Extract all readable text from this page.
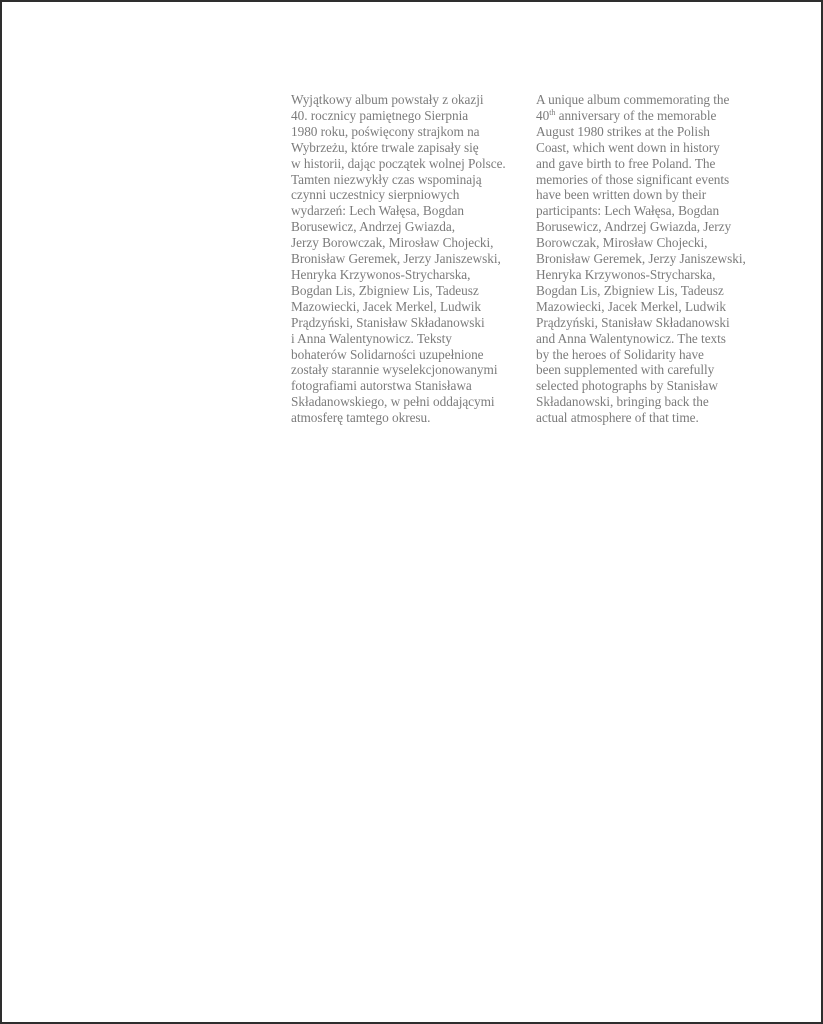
Wyjątkowy album powstały z okazji
40. rocznicy pamiętnego Sierpnia
1980 roku, poświęcony strajkom na
Wybrzeżu, które trwale zapisały się
w historii, dając początek wolnej Polsce.
Tamten niezwykły czas wspominają
czynni uczestnicy sierpniowych
wydarzeń: Lech Wałęsa, Bogdan
Borusewicz, Andrzej Gwiazda,
Jerzy Borowczak, Mirosław Chojecki,
Bronisław Geremek, Jerzy Janiszewski,
Henryka Krzywonos-Strycharska,
Bogdan Lis, Zbigniew Lis, Tadeusz
Mazowiecki, Jacek Merkel, Ludwik
Prądzyński, Stanisław Składanowski
i Anna Walentynowicz. Teksty
bohaterów Solidarności uzupełnione
zostały starannie wyselekcjonowanymi
fotografiami autorstwa Stanisława
Składanowskiego, w pełni oddającymi
atmosferę tamtego okresu.
A unique album commemorating the
40th anniversary of the memorable
August 1980 strikes at the Polish
Coast, which went down in history
and gave birth to free Poland. The
memories of those significant events
have been written down by their
participants: Lech Wałęsa, Bogdan
Borusewicz, Andrzej Gwiazda, Jerzy
Borowczak, Mirosław Chojecki,
Bronisław Geremek, Jerzy Janiszewski,
Henryka Krzywonos-Strycharska,
Bogdan Lis, Zbigniew Lis, Tadeusz
Mazowiecki, Jacek Merkel, Ludwik
Prądzyński, Stanisław Składanowski
and Anna Walentynowicz. The texts
by the heroes of Solidarity have
been supplemented with carefully
selected photographs by Stanisław
Składanowski, bringing back the
actual atmosphere of that time.
